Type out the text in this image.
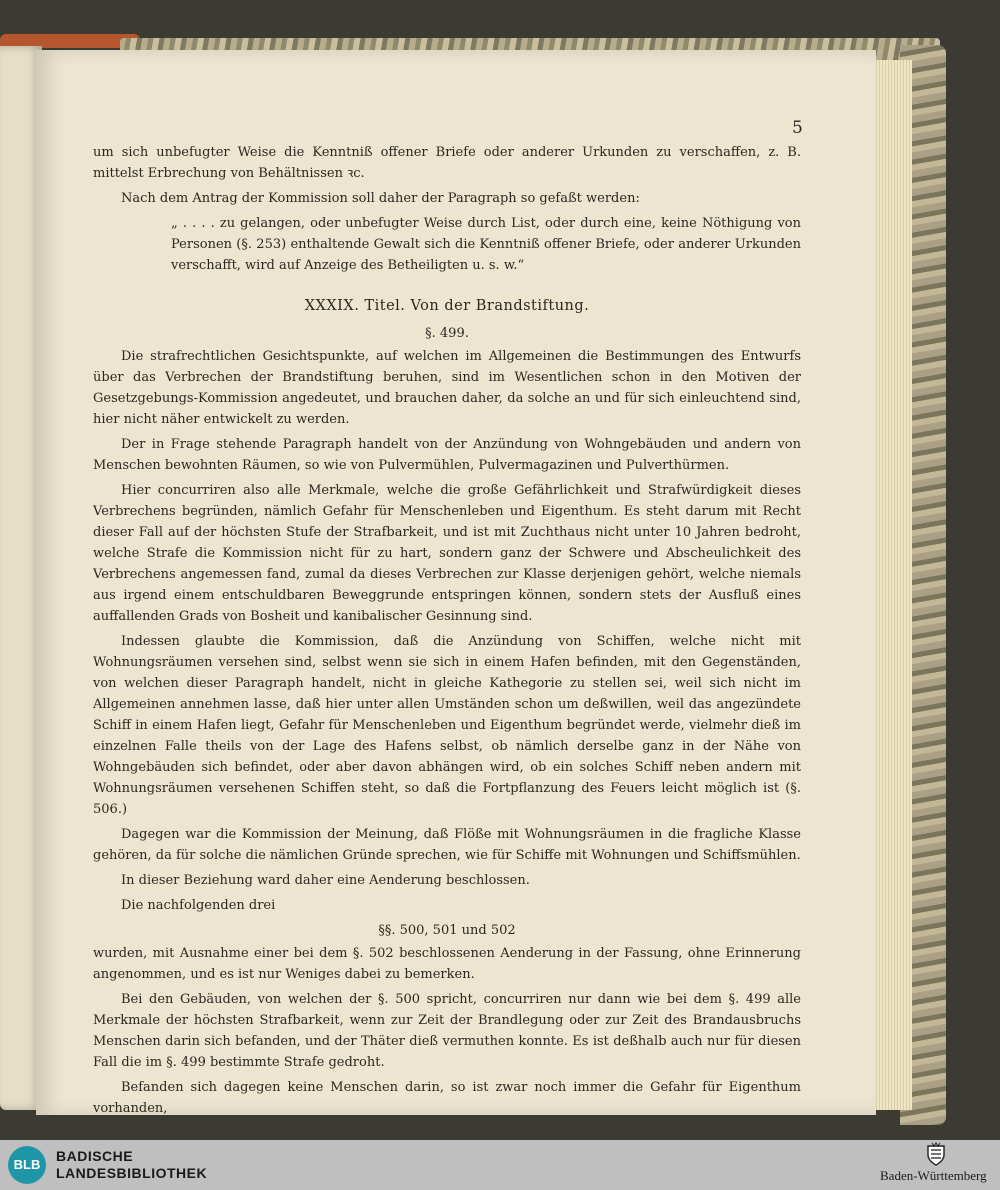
5

um sich unbefugter Weise die Kenntniß offener Briefe oder anderer Urkunden zu verschaffen, z. B. mittelst Erbrechung von Behältnissen ꝛc.

Nach dem Antrag der Kommission soll daher der Paragraph so gefaßt werden:

„ . . . . zu gelangen, oder unbefugter Weise durch List, oder durch eine, keine Nöthigung von Personen (§. 253) enthaltende Gewalt sich die Kenntniß offener Briefe, oder anderer Urkunden verschafft, wird auf Anzeige des Betheiligten u. s. w.“

XXXIX. Titel. Von der Brandstiftung.

§. 499.

Die strafrechtlichen Gesichtspunkte, auf welchen im Allgemeinen die Bestimmungen des Entwurfs über das Verbrechen der Brandstiftung beruhen, sind im Wesentlichen schon in den Motiven der Gesetzgebungs-Kommission angedeutet, und brauchen daher, da solche an und für sich einleuchtend sind, hier nicht näher entwickelt zu werden.

Der in Frage stehende Paragraph handelt von der Anzündung von Wohngebäuden und andern von Menschen bewohnten Räumen, so wie von Pulvermühlen, Pulvermagazinen und Pulverthürmen.

Hier concurriren also alle Merkmale, welche die große Gefährlichkeit und Strafwürdigkeit dieses Verbrechens begründen, nämlich Gefahr für Menschenleben und Eigenthum. Es steht darum mit Recht dieser Fall auf der höchsten Stufe der Strafbarkeit, und ist mit Zuchthaus nicht unter 10 Jahren bedroht, welche Strafe die Kommission nicht für zu hart, sondern ganz der Schwere und Abscheulichkeit des Verbrechens angemessen fand, zumal da dieses Verbrechen zur Klasse derjenigen gehört, welche niemals aus irgend einem entschuldbaren Beweggrunde entspringen können, sondern stets der Ausfluß eines auffallenden Grads von Bosheit und kanibalischer Gesinnung sind.

Indessen glaubte die Kommission, daß die Anzündung von Schiffen, welche nicht mit Wohnungsräumen versehen sind, selbst wenn sie sich in einem Hafen befinden, mit den Gegenständen, von welchen dieser Paragraph handelt, nicht in gleiche Kathegorie zu stellen sei, weil sich nicht im Allgemeinen annehmen lasse, daß hier unter allen Umständen schon um deßwillen, weil das angezündete Schiff in einem Hafen liegt, Gefahr für Menschenleben und Eigenthum begründet werde, vielmehr dieß im einzelnen Falle theils von der Lage des Hafens selbst, ob nämlich derselbe ganz in der Nähe von Wohngebäuden sich befindet, oder aber davon abhängen wird, ob ein solches Schiff neben andern mit Wohnungsräumen versehenen Schiffen steht, so daß die Fortpflanzung des Feuers leicht möglich ist (§. 506.)

Dagegen war die Kommission der Meinung, daß Flöße mit Wohnungsräumen in die fragliche Klasse gehören, da für solche die nämlichen Gründe sprechen, wie für Schiffe mit Wohnungen und Schiffsmühlen.

In dieser Beziehung ward daher eine Aenderung beschlossen.

Die nachfolgenden drei

§§. 500, 501 und 502

wurden, mit Ausnahme einer bei dem §. 502 beschlossenen Aenderung in der Fassung, ohne Erinnerung angenommen, und es ist nur Weniges dabei zu bemerken.

Bei den Gebäuden, von welchen der §. 500 spricht, concurriren nur dann wie bei dem §. 499 alle Merkmale der höchsten Strafbarkeit, wenn zur Zeit der Brandlegung oder zur Zeit des Brandausbruchs Menschen darin sich befanden, und der Thäter dieß vermuthen konnte. Es ist deßhalb auch nur für diesen Fall die im §. 499 bestimmte Strafe gedroht.

Befanden sich dagegen keine Menschen darin, so ist zwar noch immer die Gefahr für Eigenthum vorhanden,

BLB
BADISCHE
LANDESBIBLIOTHEK	Baden-Württemberg
